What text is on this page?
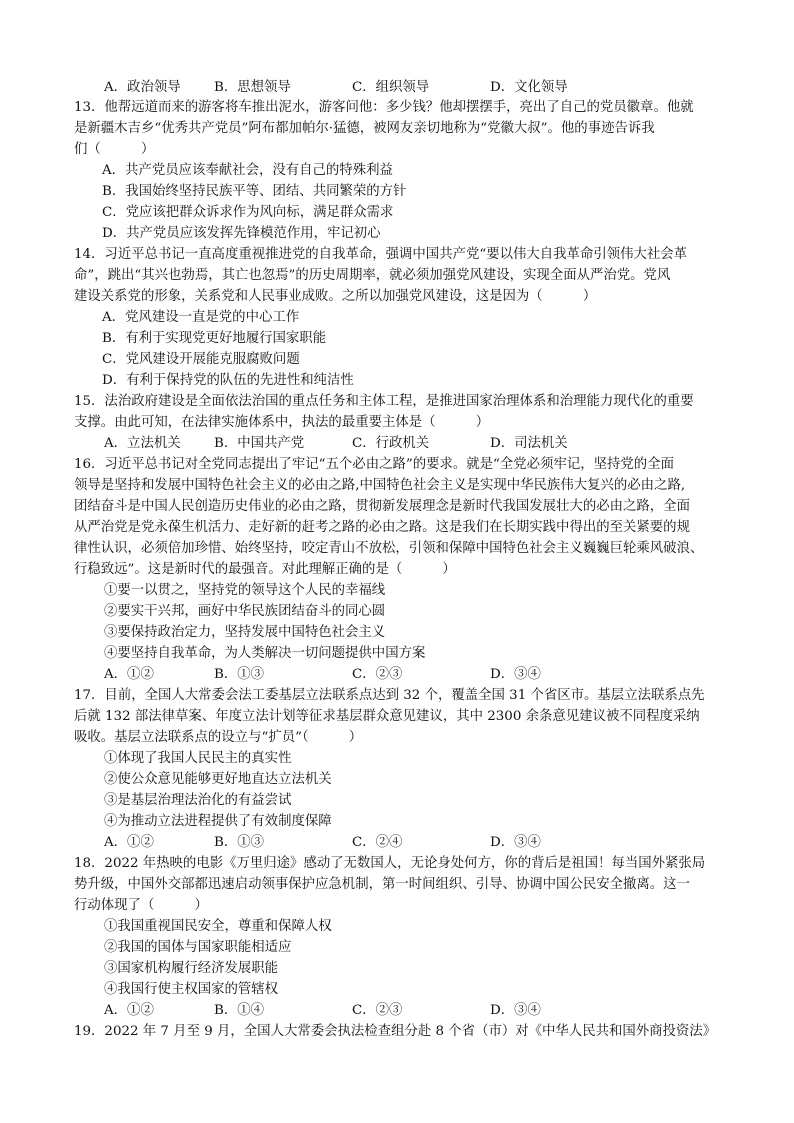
A．政治领导 B．思想领导	C．组织领导	D．文化领导
13．他帮远道而来的游客将车推出泥水，游客问他：多少钱？他却摆摆手，亮出了自己的党员徽章。他就
是新疆木吉乡“优秀共产党员”阿布都加帕尔·猛德，被网友亲切地称为“党徽大叔”。他的事迹告诉我
们（　　　）
A．共产党员应该奉献社会，没有自己的特殊利益
B．我国始终坚持民族平等、团结、共同繁荣的方针
C．党应该把群众诉求作为风向标，满足群众需求
D．共产党员应该发挥先锋模范作用，牢记初心
14．习近平总书记一直高度重视推进党的自我革命，强调中国共产党“要以伟大自我革命引领伟大社会革
命”，跳出“其兴也勃焉，其亡也忽焉”的历史周期率，就必须加强党风建设，实现全面从严治党。党风
建设关系党的形象，关系党和人民事业成败。之所以加强党风建设，这是因为（　　　）
A．党风建设一直是党的中心工作
B．有利于实现党更好地履行国家职能
C．党风建设开展能克服腐败问题
D．有利于保持党的队伍的先进性和纯洁性
15．法治政府建设是全面依法治国的重点任务和主体工程，是推进国家治理体系和治理能力现代化的重要
支撑。由此可知，在法律实施体系中，执法的最重要主体是（　　　）
A．立法机关 B．中国共产党	C．行政机关	D．司法机关
16．习近平总书记对全党同志提出了牢记“五个必由之路”的要求。就是“全党必须牢记，坚持党的全面
领导是坚持和发展中国特色社会主义的必由之路,中国特色社会主义是实现中华民族伟大复兴的必由之路,
团结奋斗是中国人民创造历史伟业的必由之路，贯彻新发展理念是新时代我国发展壮大的必由之路，全面
从严治党是党永葆生机活力、走好新的赶考之路的必由之路。这是我们在长期实践中得出的至关紧要的规
律性认识，必须倍加珍惜、始终坚持，咬定青山不放松，引领和保障中国特色社会主义巍巍巨轮乘风破浪、
行稳致远”。这是新时代的最强音。对此理解正确的是（　　　）
①要一以贯之，坚持党的领导这个人民的幸福线
②要实干兴邦，画好中华民族团结奋斗的同心圆
③要保持政治定力，坚持发展中国特色社会主义
④要坚持自我革命，为人类解决一切问题提供中国方案
A．①②	B．①③	C．②③	D．③④
17．目前，全国人大常委会法工委基层立法联系点达到 32 个，覆盖全国 31 个省区市。基层立法联系点先
后就 132 部法律草案、年度立法计划等征求基层群众意见建议，其中 2300 余条意见建议被不同程度采纳
吸收。基层立法联系点的设立与“扩员”（　　　）
①体现了我国人民民主的真实性
②使公众意见能够更好地直达立法机关
③是基层治理法治化的有益尝试
④为推动立法进程提供了有效制度保障
A．①②	B．①③	C．②④	D．③④
18．2022 年热映的电影《万里归途》感动了无数国人，无论身处何方，你的背后是祖国！每当国外紧张局
势升级，中国外交部都迅速启动领事保护应急机制，第一时间组织、引导、协调中国公民安全撤离。这一
行动体现了（　　　）
①我国重视国民安全，尊重和保障人权
②我国的国体与国家职能相适应
③国家机构履行经济发展职能
④我国行使主权国家的管辖权
A．①②	B．①④	C．②③	D．③④
19．2022 年 7 月至 9 月，全国人大常委会执法检查组分赴 8 个省（市）对《中华人民共和国外商投资法》
